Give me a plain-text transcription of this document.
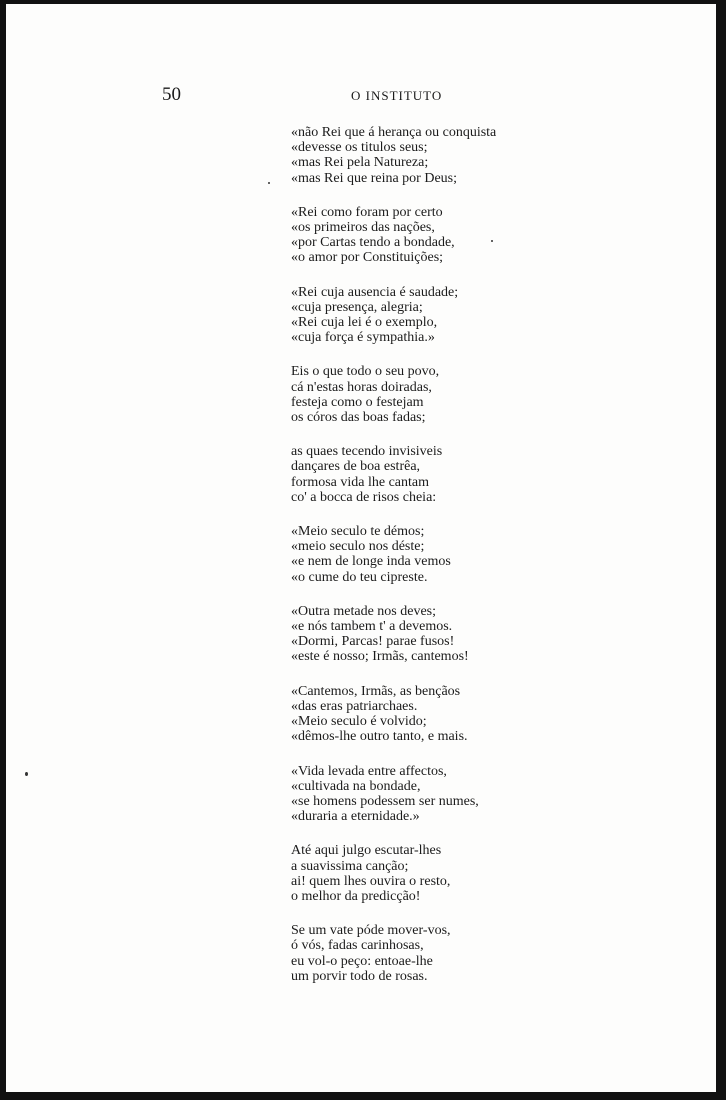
50	O INSTITUTO
«não Rei que á herança ou conquista
«devesse os titulos seus;
«mas Rei pela Natureza;
«mas Rei que reina por Deus;
«Rei como foram por certo
«os primeiros das nações,
«por Cartas tendo a bondade,
«o amor por Constituições;
«Rei cuja ausencia é saudade;
«cuja presença, alegria;
«Rei cuja lei é o exemplo,
«cuja força é sympathia.»
Eis o que todo o seu povo,
cá n'estas horas doiradas,
festeja como o festejam
os córos das boas fadas;
as quaes tecendo invisiveis
dançares de boa estrêa,
formosa vida lhe cantam
co' a bocca de risos cheia:
«Meio seculo te démos;
«meio seculo nos déste;
«e nem de longe inda vemos
«o cume do teu cipreste.
«Outra metade nos deves;
«e nós tambem t' a devemos.
«Dormi, Parcas! parae fusos!
«este é nosso; Irmãs, cantemos!
«Cantemos, Irmãs, as bençãos
«das eras patriarchaes.
«Meio seculo é volvido;
«dêmos-lhe outro tanto, e mais.
«Vida levada entre affectos,
«cultivada na bondade,
«se homens podessem ser numes,
«duraria a eternidade.»
Até aqui julgo escutar-lhes
a suavissima canção;
ai! quem lhes ouvira o resto,
o melhor da predicção!
Se um vate póde mover-vos,
ó vós, fadas carinhosas,
eu vol-o peço: entoae-lhe
um porvir todo de rosas.
